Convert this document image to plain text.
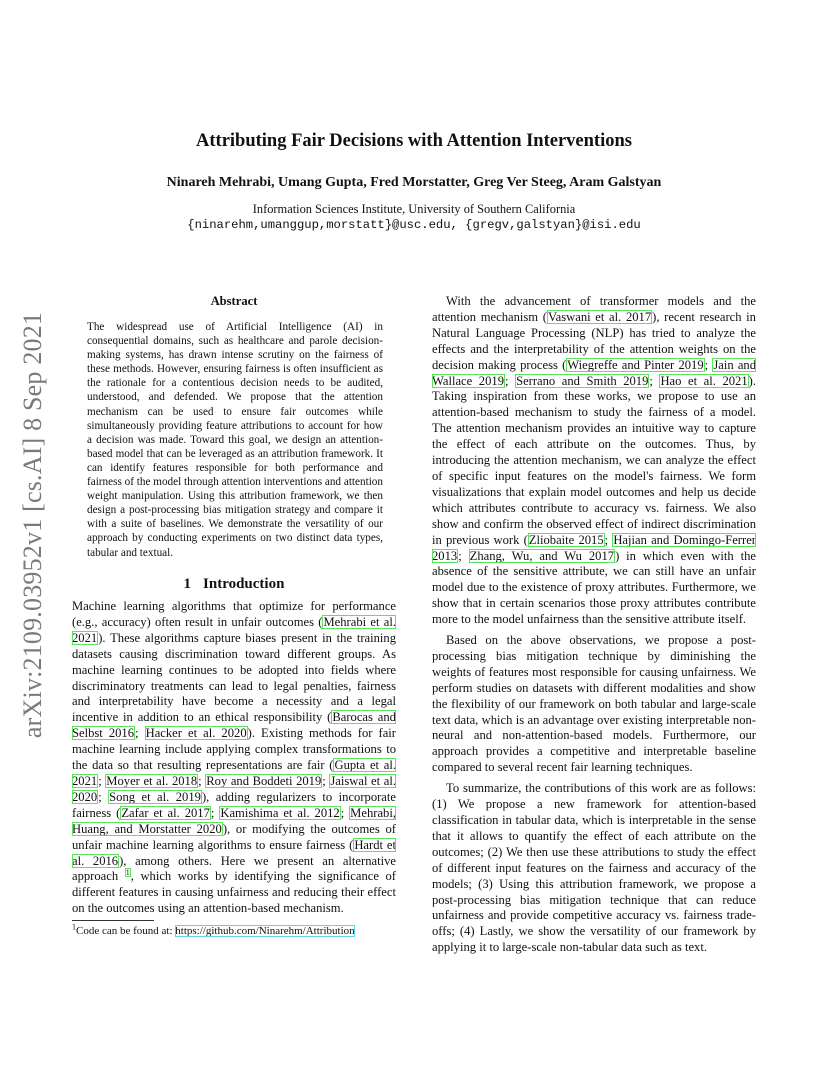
Attributing Fair Decisions with Attention Interventions
Ninareh Mehrabi, Umang Gupta, Fred Morstatter, Greg Ver Steeg, Aram Galstyan
Information Sciences Institute, University of Southern California
{ninarehm,umanggup,morstatt}@usc.edu, {gregv,galstyan}@isi.edu
arXiv:2109.03952v1 [cs.AI] 8 Sep 2021
Abstract
The widespread use of Artificial Intelligence (AI) in consequential domains, such as healthcare and parole decision-making systems, has drawn intense scrutiny on the fairness of these methods. However, ensuring fairness is often insufficient as the rationale for a contentious decision needs to be audited, understood, and defended. We propose that the attention mechanism can be used to ensure fair outcomes while simultaneously providing feature attributions to account for how a decision was made. Toward this goal, we design an attention-based model that can be leveraged as an attribution framework. It can identify features responsible for both performance and fairness of the model through attention interventions and attention weight manipulation. Using this attribution framework, we then design a post-processing bias mitigation strategy and compare it with a suite of baselines. We demonstrate the versatility of our approach by conducting experiments on two distinct data types, tabular and textual.
1 Introduction

Machine learning algorithms that optimize for performance (e.g., accuracy) often result in unfair outcomes (Mehrabi et al. 2021). These algorithms capture biases present in the training datasets causing discrimination toward different groups. As machine learning continues to be adopted into fields where discriminatory treatments can lead to legal penalties, fairness and interpretability have become a necessity and a legal incentive in addition to an ethical responsibility (Barocas and Selbst 2016; Hacker et al. 2020). Existing methods for fair machine learning include applying complex transformations to the data so that resulting representations are fair (Gupta et al. 2021; Moyer et al. 2018; Roy and Boddeti 2019; Jaiswal et al. 2020; Song et al. 2019), adding regularizers to incorporate fairness (Zafar et al. 2017; Kamishima et al. 2012; Mehrabi, Huang, and Morstatter 2020), or modifying the outcomes of unfair machine learning algorithms to ensure fairness (Hardt et al. 2016), among others. Here we present an alternative approach $^1$, which works by identifying the significance of different features in causing unfairness and reducing their effect on the outcomes using an attention-based mechanism.

$^1$Code can be found at: https://github.com/Ninarehm/Attribution

With the advancement of transformer models and the attention mechanism (Vaswani et al. 2017), recent research in Natural Language Processing (NLP) has tried to analyze the effects and the interpretability of the attention weights on the decision making process (Wiegreffe and Pinter 2019; Jain and Wallace 2019; Serrano and Smith 2019; Hao et al. 2021). Taking inspiration from these works, we propose to use an attention-based mechanism to study the fairness of a model. The attention mechanism provides an intuitive way to capture the effect of each attribute on the outcomes. Thus, by introducing the attention mechanism, we can analyze the effect of specific input features on the model's fairness. We form visualizations that explain model outcomes and help us decide which attributes contribute to accuracy vs. fairness. We also show and confirm the observed effect of indirect discrimination in previous work (Zliobaite 2015; Hajian and Domingo-Ferrer 2013; Zhang, Wu, and Wu 2017) in which even with the absence of the sensitive attribute, we can still have an unfair model due to the existence of proxy attributes. Furthermore, we show that in certain scenarios those proxy attributes contribute more to the model unfairness than the sensitive attribute itself.

Based on the above observations, we propose a post-processing bias mitigation technique by diminishing the weights of features most responsible for causing unfairness. We perform studies on datasets with different modalities and show the flexibility of our framework on both tabular and large-scale text data, which is an advantage over existing interpretable non-neural and non-attention-based models. Furthermore, our approach provides a competitive and interpretable baseline compared to several recent fair learning techniques.

To summarize, the contributions of this work are as follows: (1) We propose a new framework for attention-based classification in tabular data, which is interpretable in the sense that it allows to quantify the effect of each attribute on the outcomes; (2) We then use these attributions to study the effect of different input features on the fairness and accuracy of the models; (3) Using this attribution framework, we propose a post-processing bias mitigation technique that can reduce unfairness and provide competitive accuracy vs. fairness trade-offs; (4) Lastly, we show the versatility of our framework by applying it to large-scale non-tabular data such as text.
